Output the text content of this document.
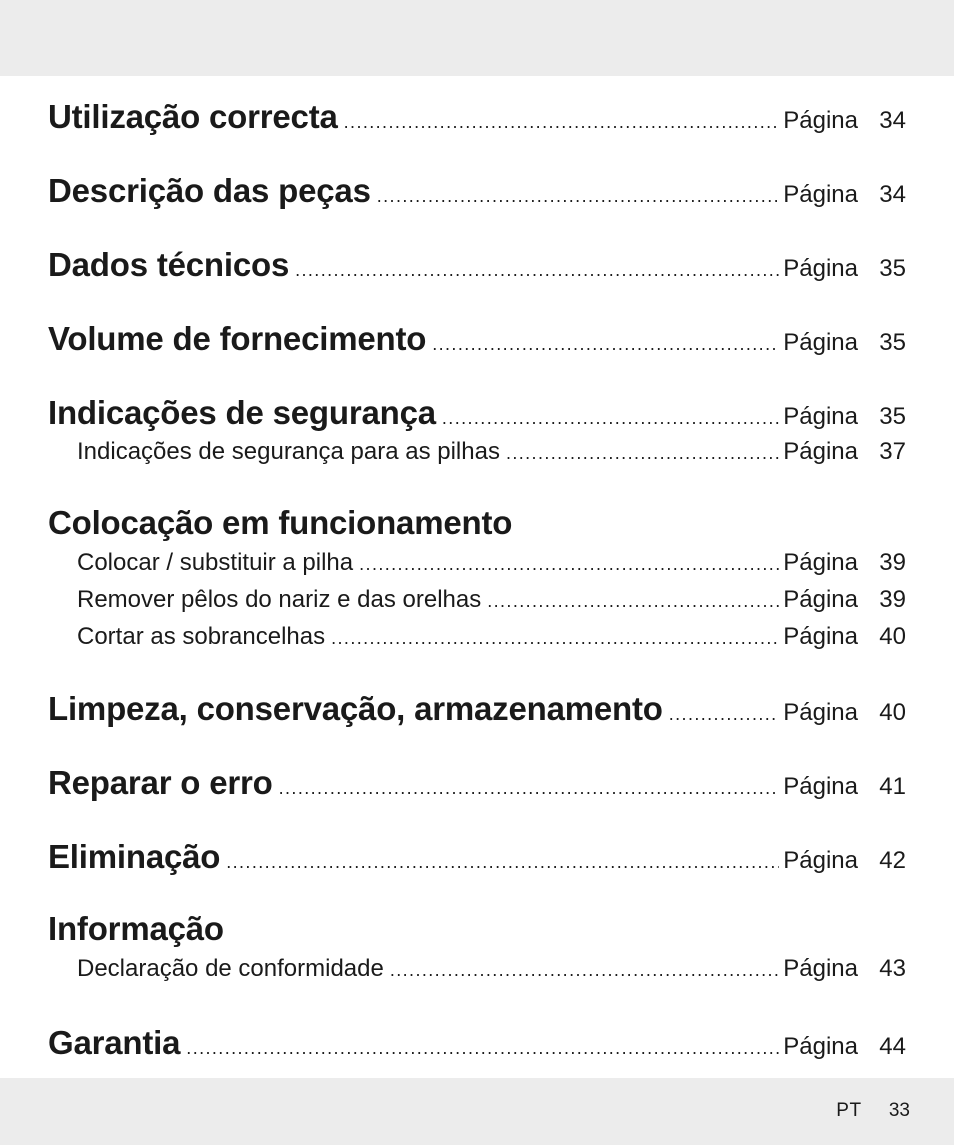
Utilização correcta .....	Página 34
Descrição das peças .....	Página 34
Dados técnicos .....	Página 35
Volume de fornecimento .....	Página 35
Indicações de segurança .....	Página 35
Indicações de segurança para as pilhas .....	Página 37
Colocação em funcionamento
Colocar / substituir a pilha .....	Página 39
Remover pêlos do nariz e das orelhas .....	Página 39
Cortar as sobrancelhas .....	Página 40
Limpeza, conservação, armazenamento .....	Página 40
Reparar o erro .....	Página 41
Eliminação .....	Página 42
Informação
Declaração de conformidade .....	Página 43
Garantia .....	Página 44
PT 33
